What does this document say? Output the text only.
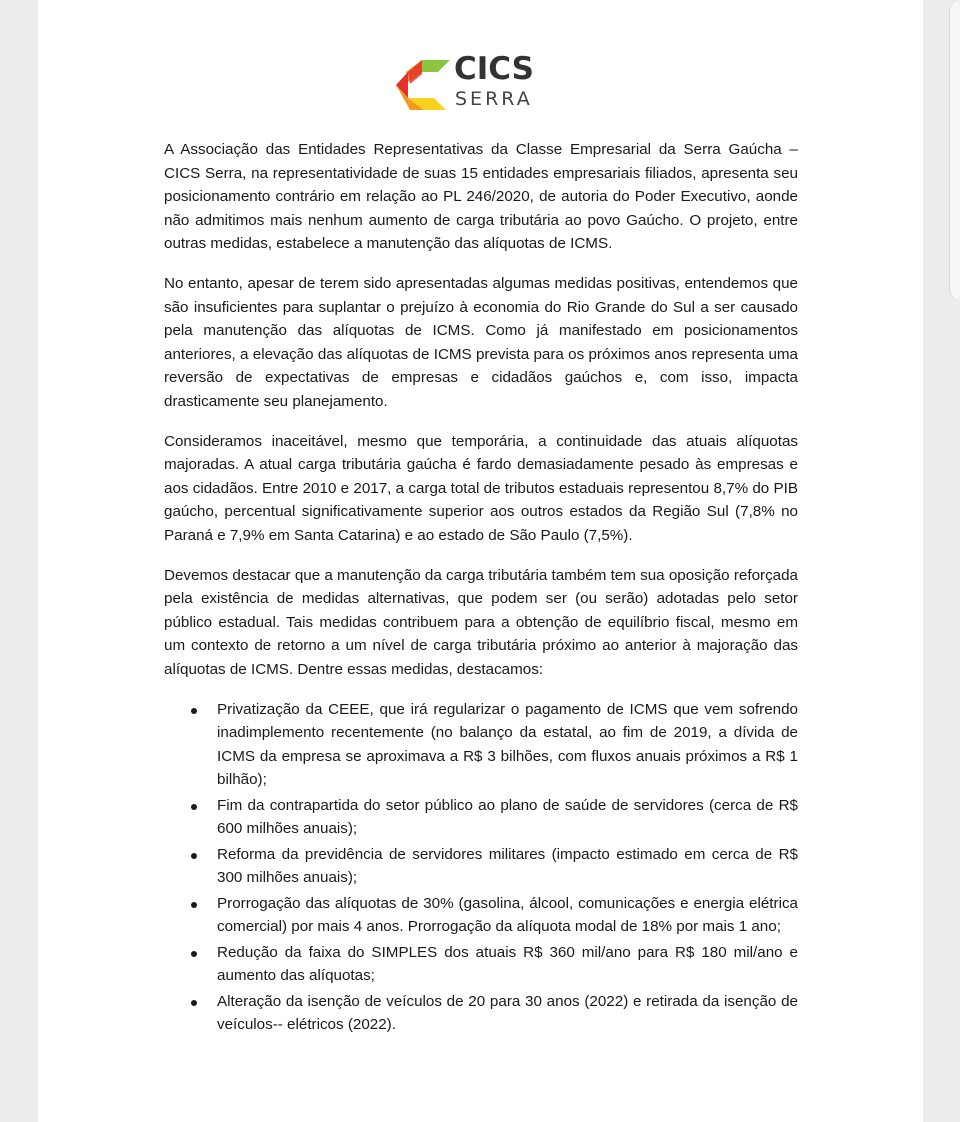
CICS
SERRA

A Associação das Entidades Representativas da Classe Empresarial da Serra Gaúcha – CICS Serra, na representatividade de suas 15 entidades empresariais filiados, apresenta seu posicionamento contrário em relação ao PL 246/2020, de autoria do Poder Executivo, aonde não admitimos mais nenhum aumento de carga tributária ao povo Gaúcho. O projeto, entre outras medidas, estabelece a manutenção das alíquotas de ICMS.

No entanto, apesar de terem sido apresentadas algumas medidas positivas, entendemos que são insuficientes para suplantar o prejuízo à economia do Rio Grande do Sul a ser causado pela manutenção das alíquotas de ICMS. Como já manifestado em posicionamentos anteriores, a elevação das alíquotas de ICMS prevista para os próximos anos representa uma reversão de expectativas de empresas e cidadãos gaúchos e, com isso, impacta drasticamente seu planejamento.

Consideramos inaceitável, mesmo que temporária, a continuidade das atuais alíquotas majoradas. A atual carga tributária gaúcha é fardo demasiadamente pesado às empresas e aos cidadãos. Entre 2010 e 2017, a carga total de tributos estaduais representou 8,7% do PIB gaúcho, percentual significativamente superior aos outros estados da Região Sul (7,8% no Paraná e 7,9% em Santa Catarina) e ao estado de São Paulo (7,5%).

Devemos destacar que a manutenção da carga tributária também tem sua oposição reforçada pela existência de medidas alternativas, que podem ser (ou serão) adotadas pelo setor público estadual. Tais medidas contribuem para a obtenção de equilíbrio fiscal, mesmo em um contexto de retorno a um nível de carga tributária próximo ao anterior à majoração das alíquotas de ICMS. Dentre essas medidas, destacamos:

Privatização da CEEE, que irá regularizar o pagamento de ICMS que vem sofrendo inadimplemento recentemente (no balanço da estatal, ao fim de 2019, a dívida de ICMS da empresa se aproximava a R$ 3 bilhões, com fluxos anuais próximos a R$ 1 bilhão);
Fim da contrapartida do setor público ao plano de saúde de servidores (cerca de R$ 600 milhões anuais);
Reforma da previdência de servidores militares (impacto estimado em cerca de R$ 300 milhões anuais);
Prorrogação das alíquotas de 30% (gasolina, álcool, comunicações e energia elétrica comercial) por mais 4 anos. Prorrogação da alíquota modal de 18% por mais 1 ano;
Redução da faixa do SIMPLES dos atuais R$ 360 mil/ano para R$ 180 mil/ano e aumento das alíquotas;
Alteração da isenção de veículos de 20 para 30 anos (2022) e retirada da isenção de veículos-- elétricos (2022).
